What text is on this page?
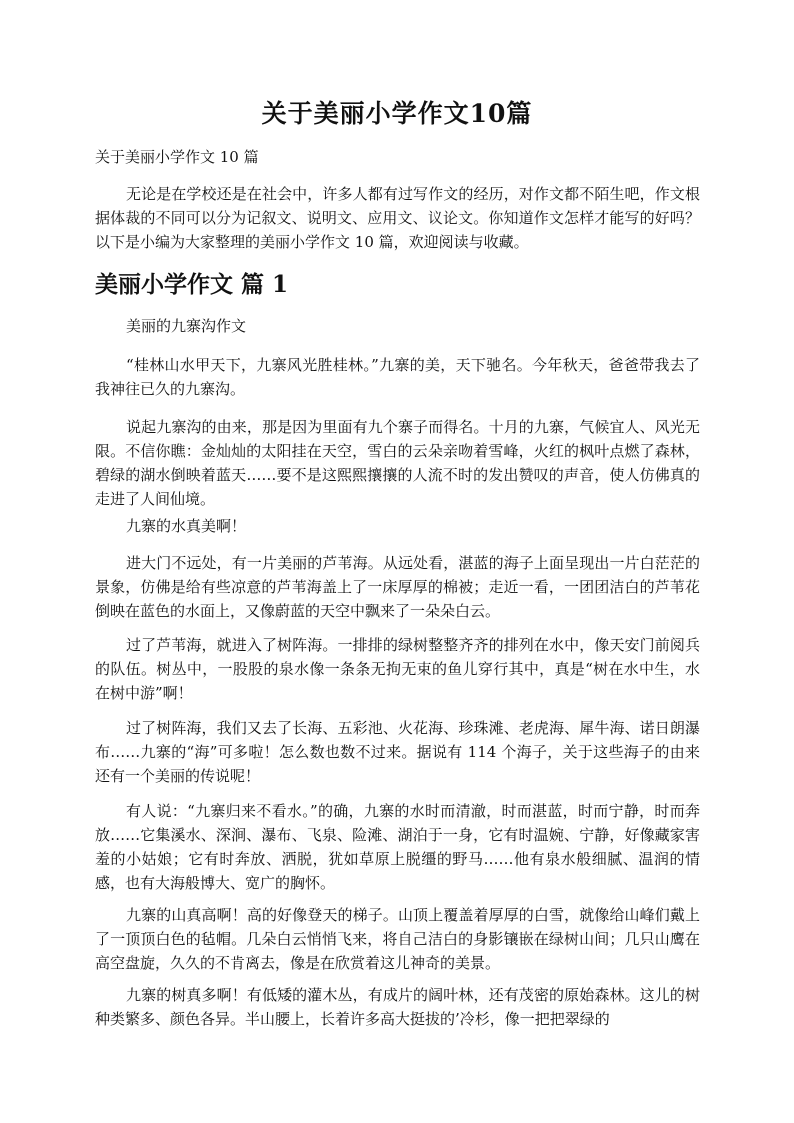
关于美丽小学作文10篇
关于美丽小学作文 10 篇

无论是在学校还是在社会中，许多人都有过写作文的经历，对作文都不陌生吧，作文根据体裁的不同可以分为记叙文、说明文、应用文、议论文。你知道作文怎样才能写的好吗？以下是小编为大家整理的美丽小学作文 10 篇，欢迎阅读与收藏。

美丽小学作文 篇 1

美丽的九寨沟作文

“桂林山水甲天下，九寨风光胜桂林。”九寨的美，天下驰名。今年秋天，爸爸带我去了我神往已久的九寨沟。

说起九寨沟的由来，那是因为里面有九个寨子而得名。十月的九寨，气候宜人、风光无限。不信你瞧：金灿灿的太阳挂在天空，雪白的云朵亲吻着雪峰，火红的枫叶点燃了森林，碧绿的湖水倒映着蓝天……要不是这熙熙攘攘的人流不时的发出赞叹的声音，使人仿佛真的走进了人间仙境。

九寨的水真美啊！

进大门不远处，有一片美丽的芦苇海。从远处看，湛蓝的海子上面呈现出一片白茫茫的景象，仿佛是给有些凉意的芦苇海盖上了一床厚厚的棉被；走近一看，一团团洁白的芦苇花倒映在蓝色的水面上，又像蔚蓝的天空中飘来了一朵朵白云。

过了芦苇海，就进入了树阵海。一排排的绿树整整齐齐的排列在水中，像天安门前阅兵的队伍。树丛中，一股股的泉水像一条条无拘无束的鱼儿穿行其中，真是“树在水中生，水在树中游”啊！

过了树阵海，我们又去了长海、五彩池、火花海、珍珠滩、老虎海、犀牛海、诺日朗瀑布……九寨的“海”可多啦！怎么数也数不过来。据说有 114 个海子，关于这些海子的由来还有一个美丽的传说呢！

有人说：“九寨归来不看水。”的确，九寨的水时而清澈，时而湛蓝，时而宁静，时而奔放……它集溪水、深涧、瀑布、飞泉、险滩、湖泊于一身，它有时温婉、宁静，好像藏家害羞的小姑娘；它有时奔放、洒脱，犹如草原上脱缰的野马……他有泉水般细腻、温润的情感，也有大海般博大、宽广的胸怀。

九寨的山真高啊！高的好像登天的梯子。山顶上覆盖着厚厚的白雪，就像给山峰们戴上了一顶顶白色的毡帽。几朵白云悄悄飞来，将自己洁白的身影镶嵌在绿树山间；几只山鹰在高空盘旋，久久的不肯离去，像是在欣赏着这儿神奇的美景。

九寨的树真多啊！有低矮的灌木丛，有成片的阔叶林，还有茂密的原始森林。这儿的树种类繁多、颜色各异。半山腰上，长着许多高大挺拔的’冷杉，像一把把翠绿的
